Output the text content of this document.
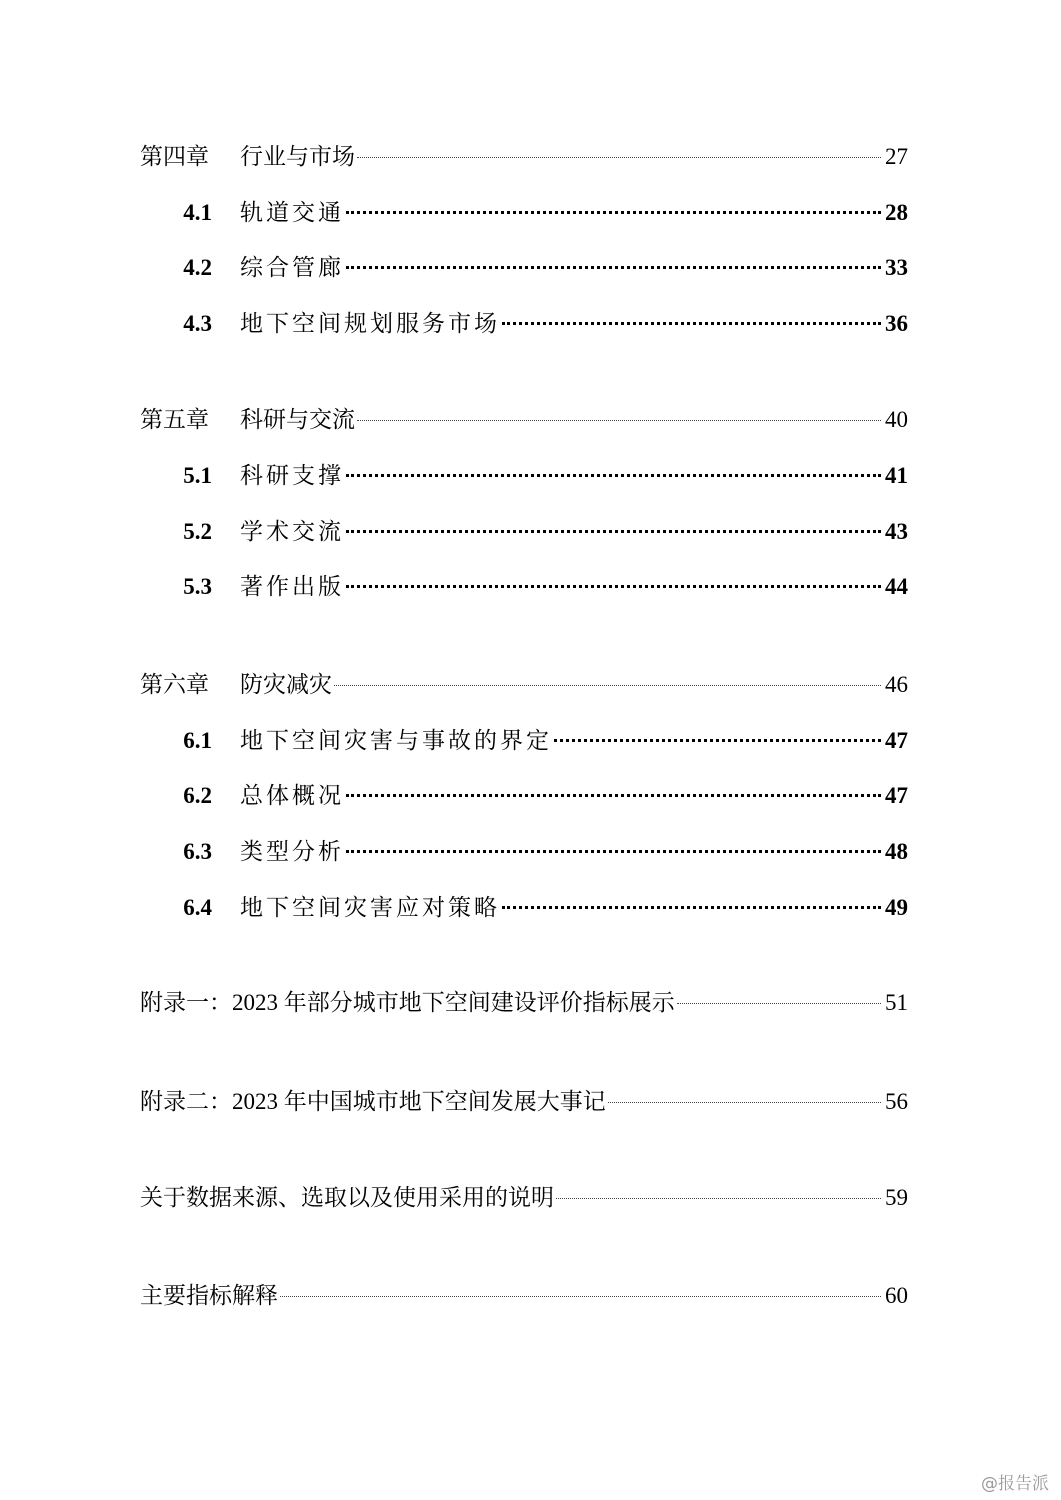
第四章	行业与市场	27
4.1	轨道交通	28
4.2	综合管廊	33
4.3	地下空间规划服务市场	36
第五章	科研与交流	40
5.1	科研支撑	41
5.2	学术交流	43
5.3	著作出版	44
第六章	防灾减灾	46
6.1	地下空间灾害与事故的界定	47
6.2	总体概况	47
6.3	类型分析	48
6.4	地下空间灾害应对策略	49
附录一：2023 年部分城市地下空间建设评价指标展示	51
附录二：2023 年中国城市地下空间发展大事记	56
关于数据来源、选取以及使用采用的说明	59
主要指标解释	60
@报告派
